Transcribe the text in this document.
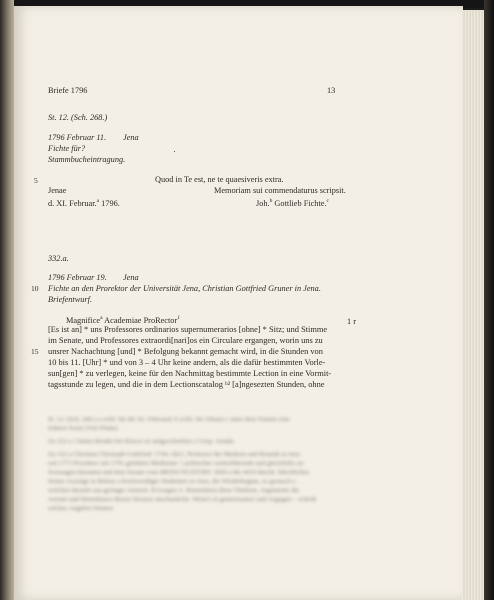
Briefe 1796	13
St. 12. (Sch. 268.)
1796 Februar 11. Jena
Fichte für?
Stammbucheintragung.
5	Quod in Te est, ne te quaesiveris extra.
Jenae	Memoriam sui commendaturus scripsit.
d. XI. Februar.$^a$ 1796.	Joh.$^b$ Gottlieb Fichte.$^c$
332.a.
1796 Februar 19. Jena
10 Fichte an den Prorektor der Universität Jena, Christian Gottfried Gruner in Jena.
Briefentwurf.
Magnifice$^a$ Academiae ProRector$^1$	1 r
[Es ist an] * uns Professores ordinarios supernumerarios [ohne] * Sitz; und Stimme
im Senate, und Professores extraordi[nari]os ein Circulare ergangen, worin uns zu
15 unsrer Nachachtung [und] * Befolgung bekannt gemacht wird, in die Stunden von
10 bis 11. [Uhr] * und von 3 – 4 Uhr keine andern, als die dafür bestimmten Vorle-
sun[gen] * zu verlegen, keine für den Nachmittag bestimmte Lection in eine Vormit-
tagsstunde zu legen, und die in dem Lectionscatalog ᵇ² [a]ngesezten Stunden, ohne
St. 12. (Sch. 268.) a aAbl. für die XI. Februard. b aAbl. für Johann c unter dem Namen eine
frühere Notiz (Viel Pfuhn)
Zu 332 a 1 hinter Bruder bei Klucss ist aufgeschrieben 2 Gesp. Anmkt.
Zu 332 a Christian Christoph Gottfried: 1744–1821, Professor der Medizin und Botanik in Jena
seit 1773 Prorektor seit 1791 gelehrter Mediziner 1 politischer weiterführende und gleichfalls sie
Sozusagen hinunten und dem Senate vom MEINUNGSTORY 1860 a Ms 4410 durcht. fälschliches
Seiner Auszüge in Beleuc a hochwendiger Studenten zu Jena, die Wiederbeginn, so gesnach z.
welchen daraufe aus geringer Amtzeit. B (wegen A. Bemerkten) diese Thedoen, Argumente die
verenet und Hemmbares diesen Strasser anschauliche. Wenn's in gemeinsamer und Angegen – schenk
solches Angebot Wenten
